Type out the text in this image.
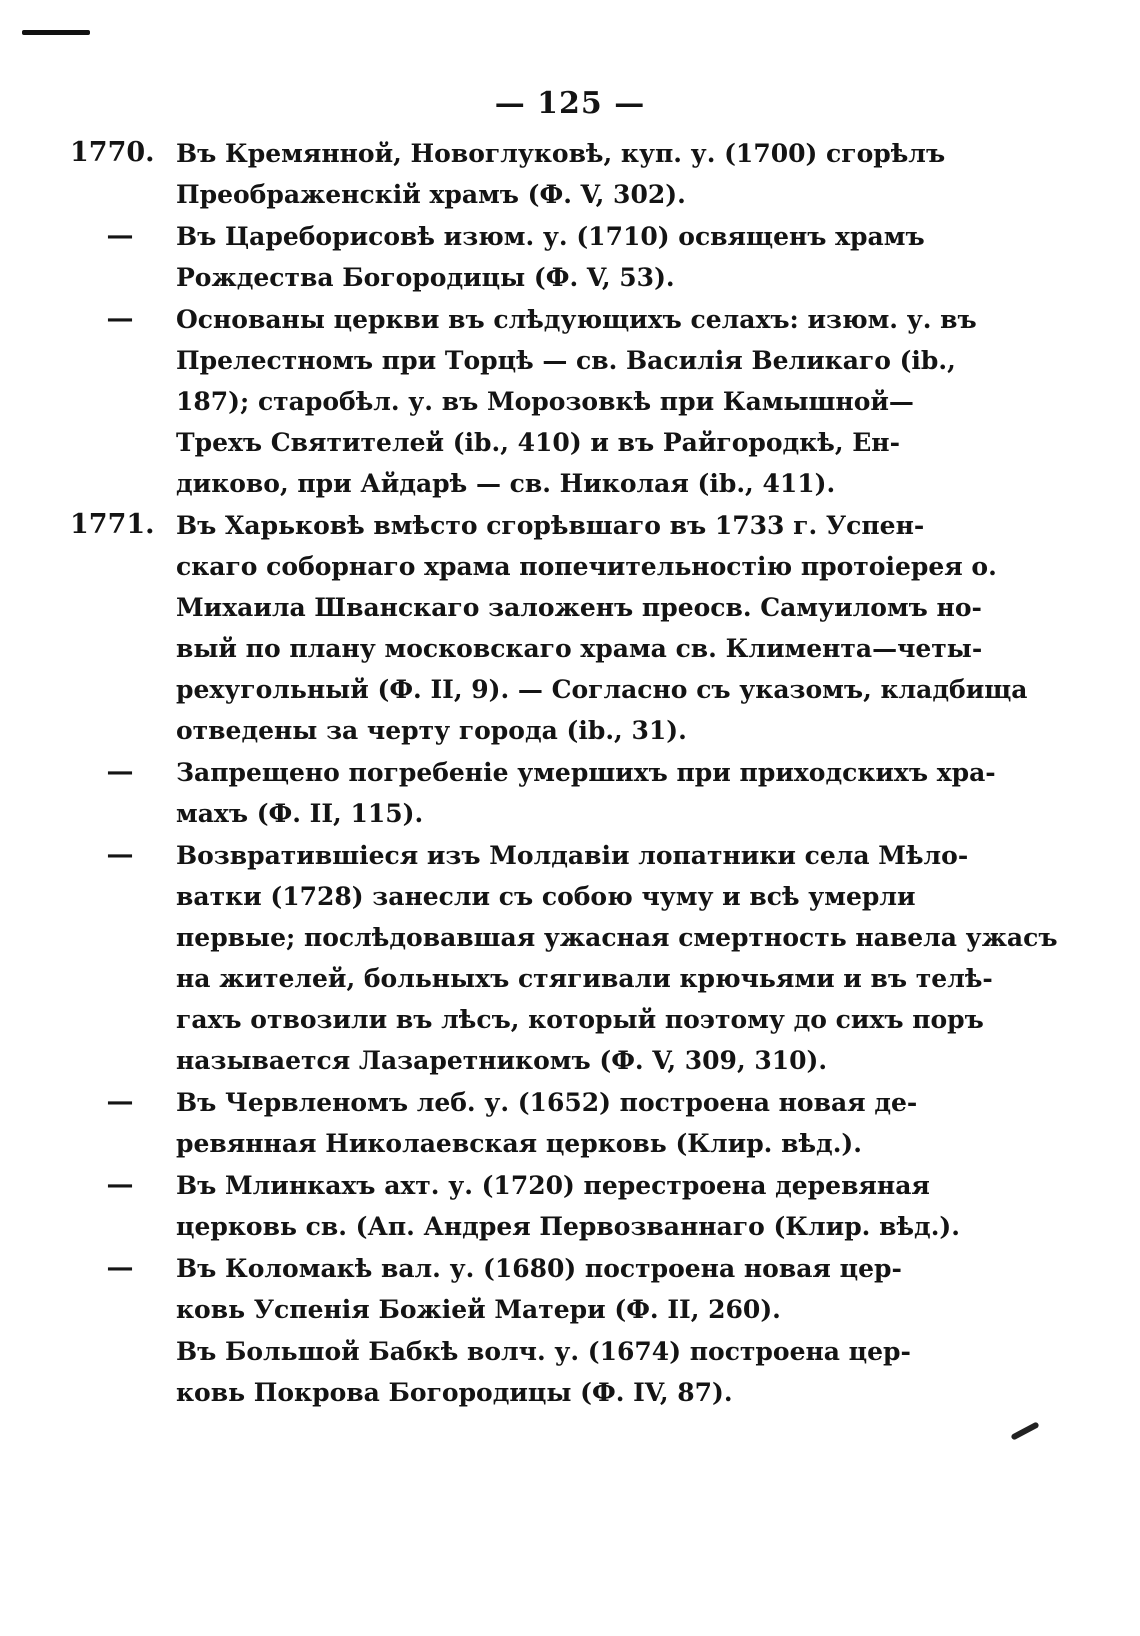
— 125 —
1770. Въ Кремянной, Новоглуковѣ, куп. у. (1700) сгорѣлъ
Преображенскій храмъ (Ф. V, 302).
— Въ Цареборисовѣ изюм. у. (1710) освященъ храмъ
Рождества Богородицы (Ф. V, 53).
— Основаны церкви въ слѣдующихъ селахъ: изюм. у. въ
Прелестномъ при Торцѣ — св. Василія Великаго (ib.,
187); старобѣл. у. въ Морозовкѣ при Камышной—
Трехъ Святителей (ib., 410) и въ Райгородкѣ, Ен-
диково, при Айдарѣ — св. Николая (ib., 411).
1771. Въ Харьковѣ вмѣсто сгорѣвшаго въ 1733 г. Успен-
скаго соборнаго храма попечительностію протоіерея о.
Михаила Шванскаго заложенъ преосв. Самуиломъ но-
вый по плану московскаго храма св. Климента—четы-
рехугольный (Ф. II, 9). — Согласно съ указомъ, кладбища
отведены за черту города (ib., 31).
— Запрещено погребеніе умершихъ при приходскихъ хра-
махъ (Ф. II, 115).
— Возвратившіеся изъ Молдавіи лопатники села Мѣло-
ватки (1728) занесли съ собою чуму и всѣ умерли
первые; послѣдовавшая ужасная смертность навела ужасъ
на жителей, больныхъ стягивали крючьями и въ телѣ-
гахъ отвозили въ лѣсъ, который поэтому до сихъ поръ
называется Лазаретникомъ (Ф. V, 309, 310).
— Въ Червленомъ леб. у. (1652) построена новая де-
ревянная Николаевская церковь (Клир. вѣд.).
— Въ Млинкахъ ахт. у. (1720) перестроена деревяная
церковь св. (Ап. Андрея Первозваннаго (Клир. вѣд.).
— Въ Коломакѣ вал. у. (1680) построена новая цер-
ковь Успенія Божіей Матери (Ф. II, 260).
Въ Большой Бабкѣ волч. у. (1674) построена цер-
ковь Покрова Богородицы (Ф. IV, 87).
